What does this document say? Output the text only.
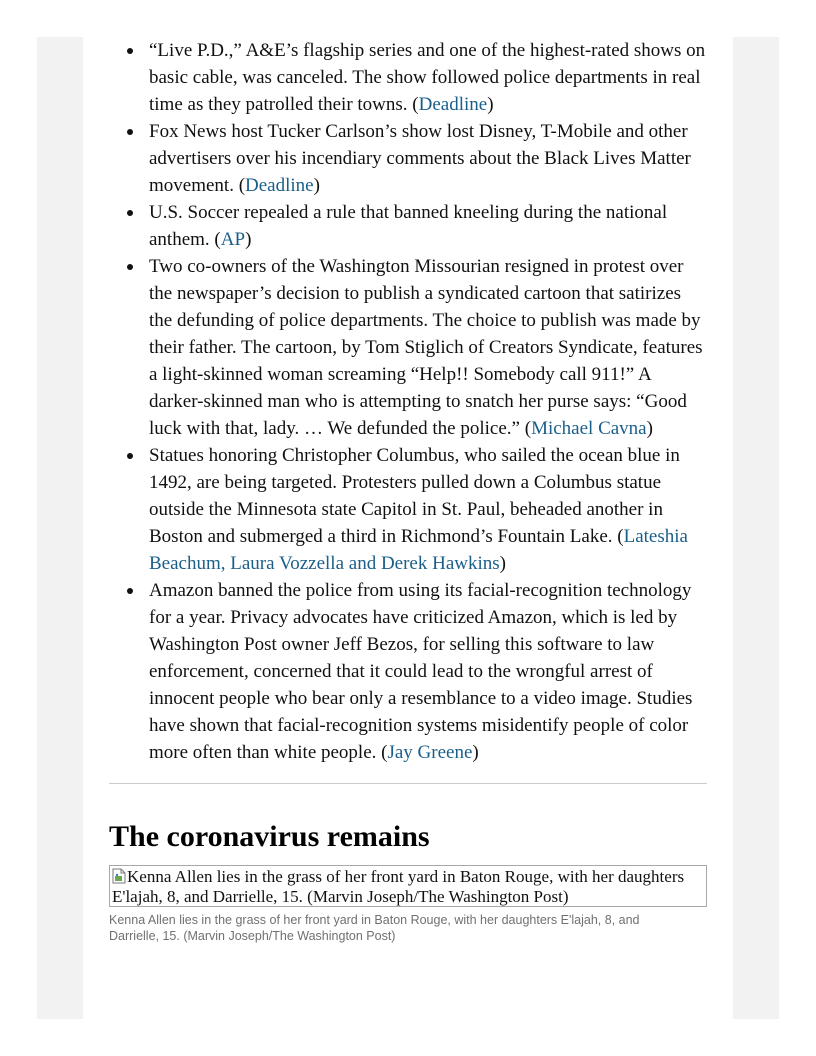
“Live P.D.,” A&E’s flagship series and one of the highest-rated shows on basic cable, was canceled. The show followed police departments in real time as they patrolled their towns. (Deadline)
Fox News host Tucker Carlson’s show lost Disney, T-Mobile and other advertisers over his incendiary comments about the Black Lives Matter movement. (Deadline)
U.S. Soccer repealed a rule that banned kneeling during the national anthem. (AP)
Two co-owners of the Washington Missourian resigned in protest over the newspaper’s decision to publish a syndicated cartoon that satirizes the defunding of police departments. The choice to publish was made by their father. The cartoon, by Tom Stiglich of Creators Syndicate, features a light-skinned woman screaming “Help!! Somebody call 911!” A darker-skinned man who is attempting to snatch her purse says: “Good luck with that, lady. … We defunded the police.” (Michael Cavna)
Statues honoring Christopher Columbus, who sailed the ocean blue in 1492, are being targeted. Protesters pulled down a Columbus statue outside the Minnesota state Capitol in St. Paul, beheaded another in Boston and submerged a third in Richmond’s Fountain Lake. (Lateshia Beachum, Laura Vozzella and Derek Hawkins)
Amazon banned the police from using its facial-recognition technology for a year. Privacy advocates have criticized Amazon, which is led by Washington Post owner Jeff Bezos, for selling this software to law enforcement, concerned that it could lead to the wrongful arrest of innocent people who bear only a resemblance to a video image. Studies have shown that facial-recognition systems misidentify people of color more often than white people. (Jay Greene)
The coronavirus remains
Kenna Allen lies in the grass of her front yard in Baton Rouge, with her daughters E'lajah, 8, and Darrielle, 15. (Marvin Joseph/The Washington Post)
Kenna Allen lies in the grass of her front yard in Baton Rouge, with her daughters E'lajah, 8, and Darrielle, 15. (Marvin Joseph/The Washington Post)
